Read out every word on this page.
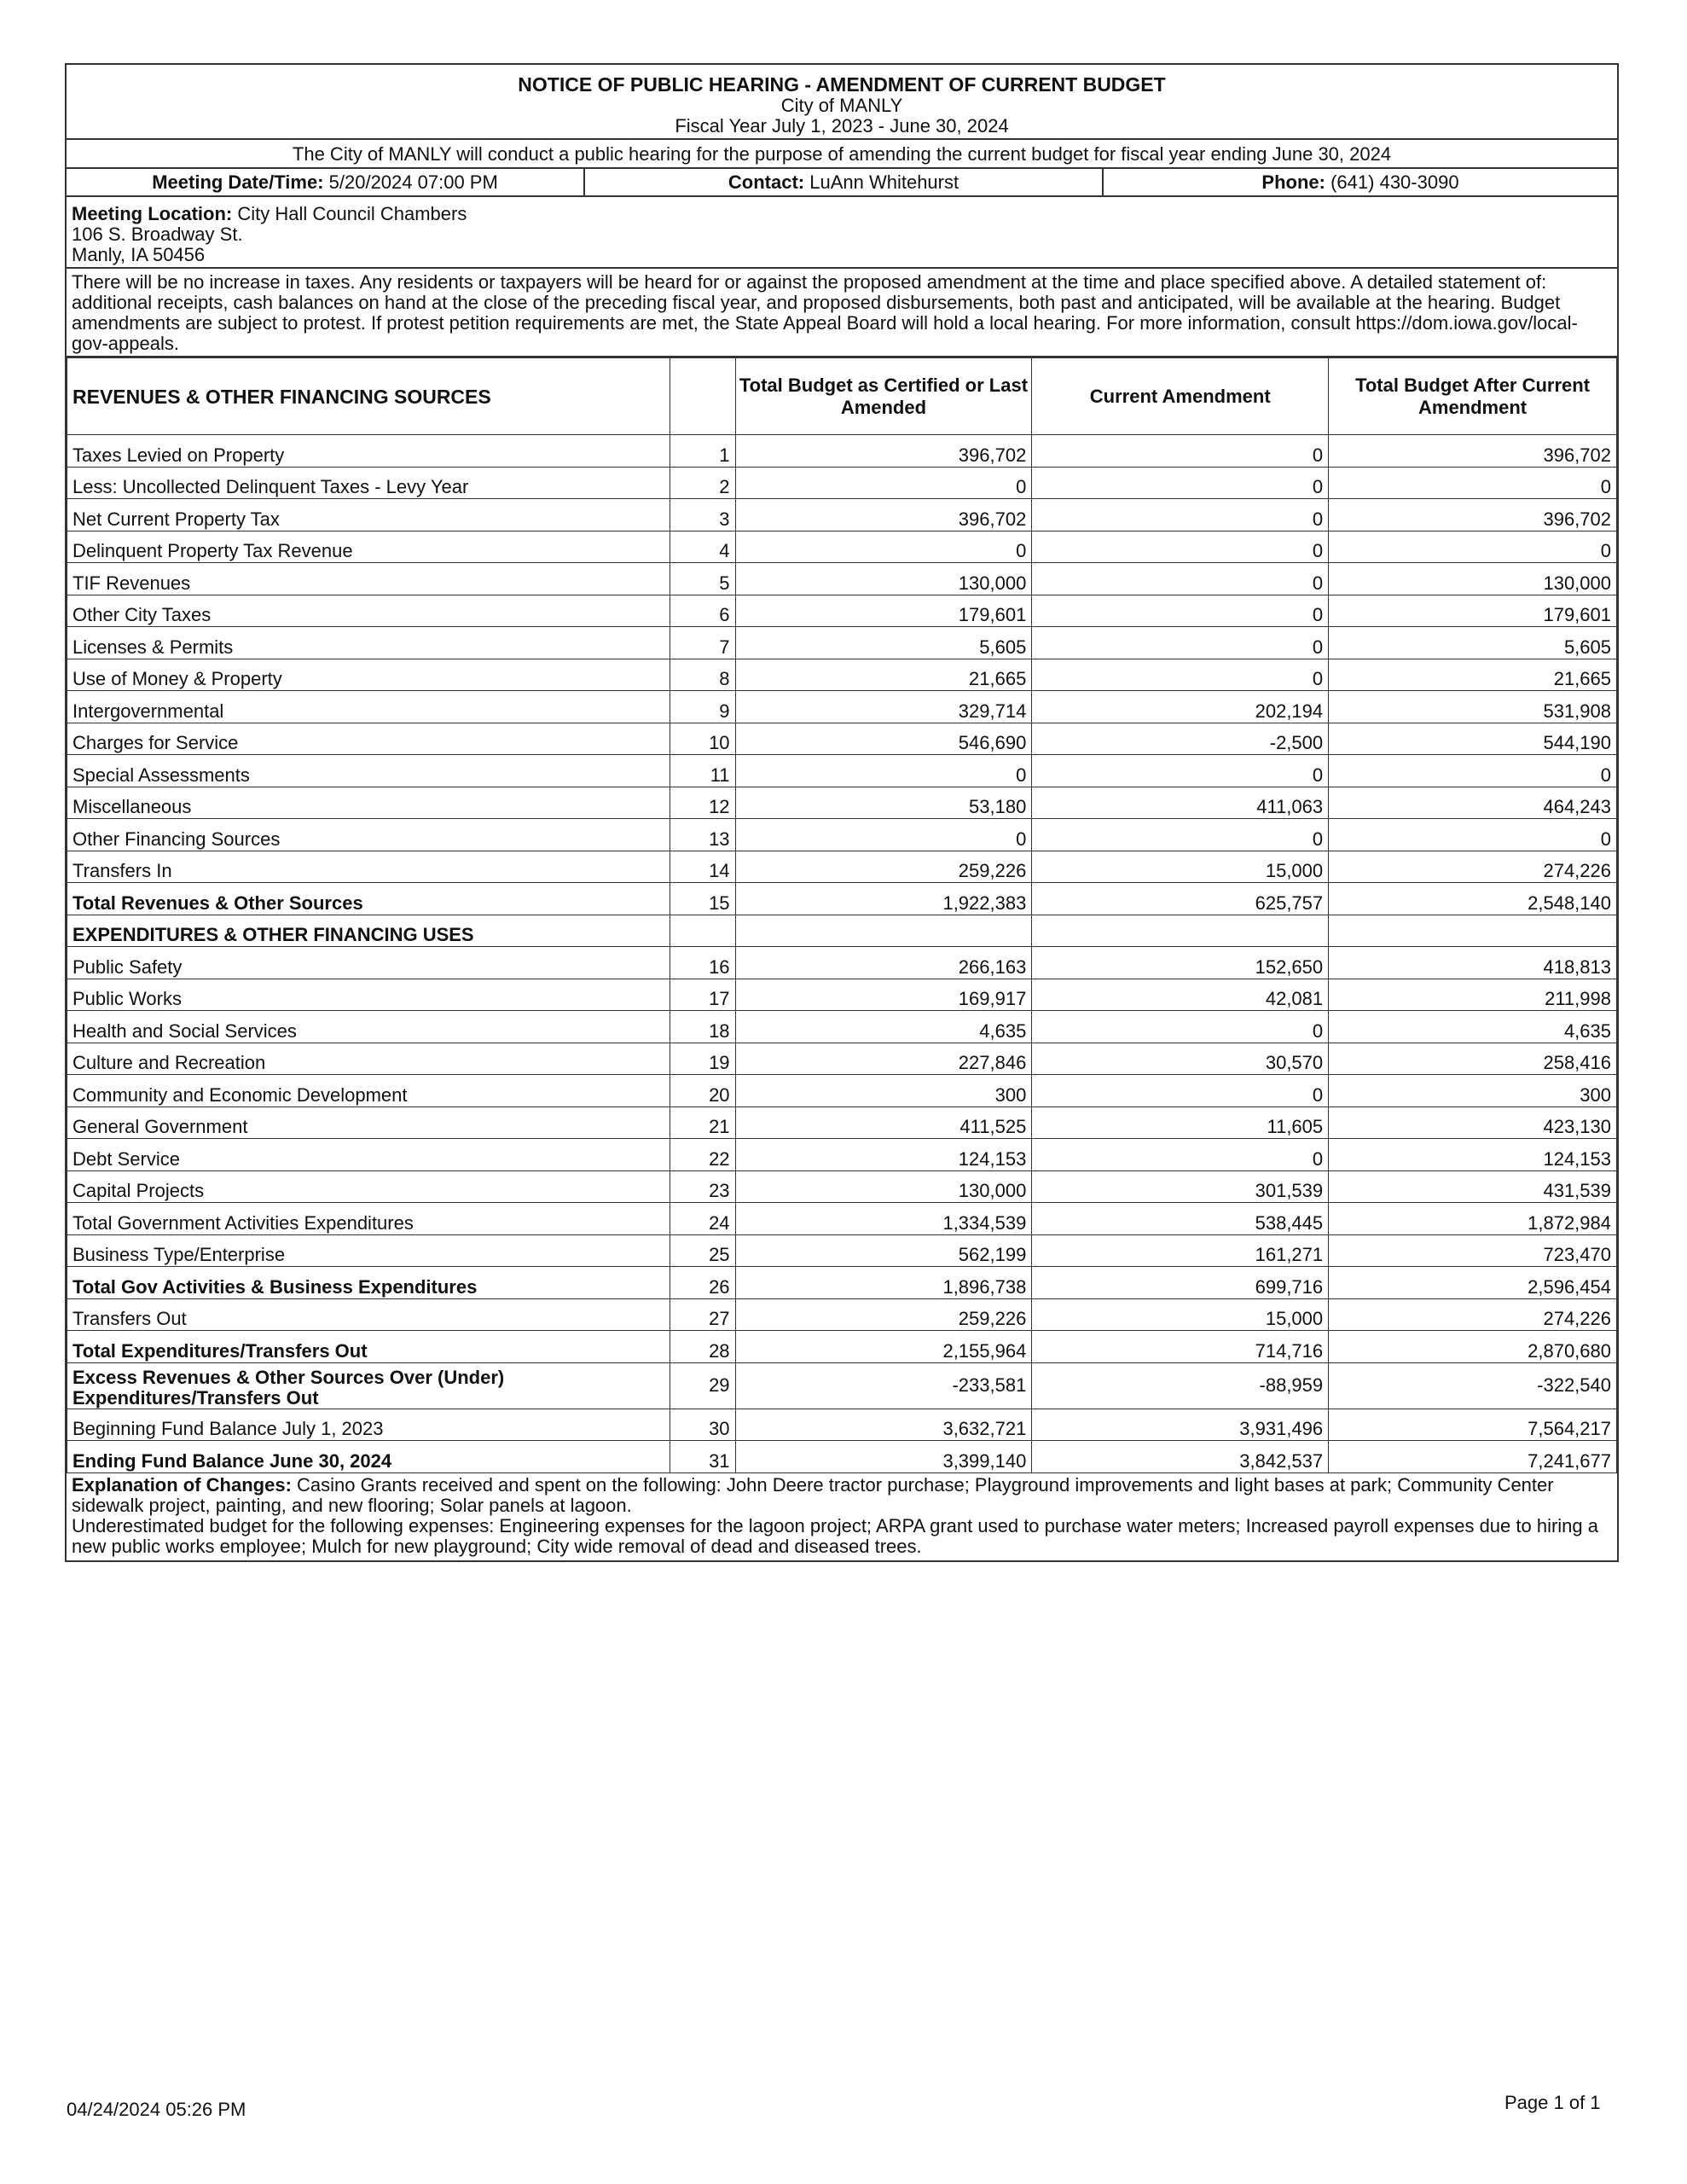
NOTICE OF PUBLIC HEARING - AMENDMENT OF CURRENT BUDGET
City of MANLY
Fiscal Year July 1, 2023 - June 30, 2024
The City of MANLY will conduct a public hearing for the purpose of amending the current budget for fiscal year ending June 30, 2024
Meeting Date/Time: 5/20/2024 07:00 PM	Contact: LuAnn Whitehurst	Phone: (641) 430-3090
Meeting Location: City Hall Council Chambers
106 S. Broadway St.
Manly, IA 50456
There will be no increase in taxes. Any residents or taxpayers will be heard for or against the proposed amendment at the time and place specified above. A detailed statement of: additional receipts, cash balances on hand at the close of the preceding fiscal year, and proposed disbursements, both past and anticipated, will be available at the hearing. Budget amendments are subject to protest. If protest petition requirements are met, the State Appeal Board will hold a local hearing. For more information, consult https://dom.iowa.gov/local-gov-appeals.
REVENUES & OTHER FINANCING SOURCES		Total Budget as Certified or Last Amended	Current Amendment	Total Budget After Current Amendment
Taxes Levied on Property	1	396,702	0	396,702
Less: Uncollected Delinquent Taxes - Levy Year	2	0	0	0
Net Current Property Tax	3	396,702	0	396,702
Delinquent Property Tax Revenue	4	0	0	0
TIF Revenues	5	130,000	0	130,000
Other City Taxes	6	179,601	0	179,601
Licenses & Permits	7	5,605	0	5,605
Use of Money & Property	8	21,665	0	21,665
Intergovernmental	9	329,714	202,194	531,908
Charges for Service	10	546,690	-2,500	544,190
Special Assessments	11	0	0	0
Miscellaneous	12	53,180	411,063	464,243
Other Financing Sources	13	0	0	0
Transfers In	14	259,226	15,000	274,226
Total Revenues & Other Sources	15	1,922,383	625,757	2,548,140
EXPENDITURES & OTHER FINANCING USES				
Public Safety	16	266,163	152,650	418,813
Public Works	17	169,917	42,081	211,998
Health and Social Services	18	4,635	0	4,635
Culture and Recreation	19	227,846	30,570	258,416
Community and Economic Development	20	300	0	300
General Government	21	411,525	11,605	423,130
Debt Service	22	124,153	0	124,153
Capital Projects	23	130,000	301,539	431,539
Total Government Activities Expenditures	24	1,334,539	538,445	1,872,984
Business Type/Enterprise	25	562,199	161,271	723,470
Total Gov Activities & Business Expenditures	26	1,896,738	699,716	2,596,454
Transfers Out	27	259,226	15,000	274,226
Total Expenditures/Transfers Out	28	2,155,964	714,716	2,870,680
Excess Revenues & Other Sources Over (Under) Expenditures/Transfers Out	29	-233,581	-88,959	-322,540
Beginning Fund Balance July 1, 2023	30	3,632,721	3,931,496	7,564,217
Ending Fund Balance June 30, 2024	31	3,399,140	3,842,537	7,241,677
Explanation of Changes: Casino Grants received and spent on the following: John Deere tractor purchase; Playground improvements and light bases at park; Community Center sidewalk project, painting, and new flooring; Solar panels at lagoon.
Underestimated budget for the following expenses: Engineering expenses for the lagoon project; ARPA grant used to purchase water meters; Increased payroll expenses due to hiring a new public works employee; Mulch for new playground; City wide removal of dead and diseased trees.
04/24/2024 05:26 PM	Page 1 of 1
